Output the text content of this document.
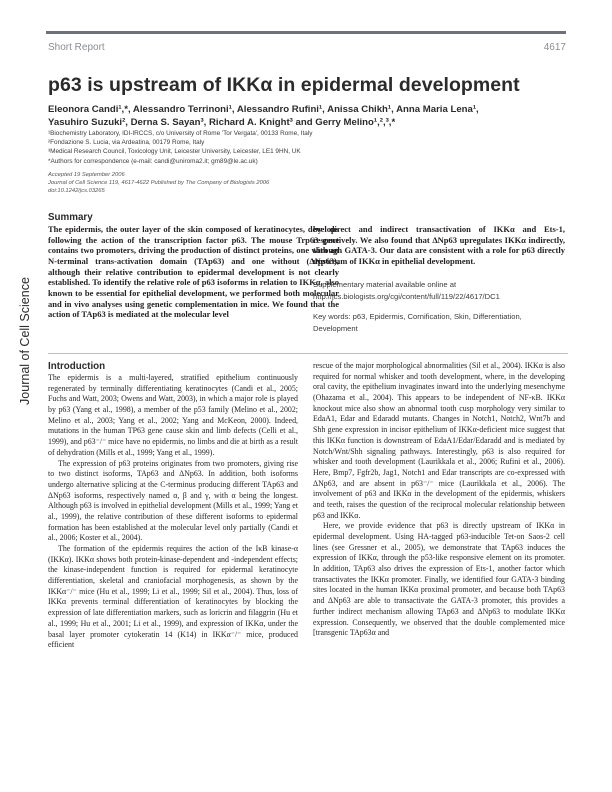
Short Report	4617
p63 is upstream of IKKα in epidermal development
Eleonora Candi¹,*, Alessandro Terrinoni¹, Alessandro Rufini¹, Anissa Chikh¹, Anna Maria Lena¹,
Yasuhiro Suzuki², Derna S. Sayan³, Richard A. Knight³ and Gerry Melino¹,²,³,*
¹Biochemistry Laboratory, IDI-IRCCS, c/o University of Rome 'Tor Vergata', 00133 Rome, Italy
²Fondazione S. Lucia, via Ardeatina, 00179 Rome, Italy
³Medical Research Council, Toxicology Unit, Leicester University, Leicester, LE1 9HN, UK
*Authors for correspondence (e-mail: candi@uniroma2.it; gm89@le.ac.uk)
Accepted 19 September 2006
Journal of Cell Science 119, 4617-4622 Published by The Company of Biologists 2006
doi:10.1242/jcs.03265
Summary
The epidermis, the outer layer of the skin composed of keratinocytes, develops following the action of the transcription factor p63. The mouse Trp63 gene contains two promoters, driving the production of distinct proteins, one with an N-terminal trans-activation domain (TAp63) and one without (ΔNp63), although their relative contribution to epidermal development is not clearly established. To identify the relative role of p63 isoforms in relation to IKKα, also known to be essential for epithelial development, we performed both molecular and in vivo analyses using genetic complementation in mice. We found that the action of TAp63 is mediated at the molecular level
by direct and indirect transactivation of IKKα and Ets-1, respectively. We also found that ΔNp63 upregulates IKKα indirectly, through GATA-3. Our data are consistent with a role for p63 directly upstream of IKKα in epithelial development.
Supplementary material available online at http://jcs.biologists.org/cgi/content/full/119/22/4617/DC1
Key words: p63, Epidermis, Cornification, Skin, Differentiation, Development
Journal of Cell Science Introduction

The epidermis is a multi-layered, stratified epithelium continuously regenerated by terminally differentiating keratinocytes (Candi et al., 2005; Fuchs and Watt, 2003; Owens and Watt, 2003), in which a major role is played by p63 (Yang et al., 1998), a member of the p53 family (Melino et al., 2002; Melino et al., 2003; Yang et al., 2002; Yang and McKeon, 2000). Indeed, mutations in the human TP63 gene cause skin and limb defects (Celli et al., 1999), and p63⁻/⁻ mice have no epidermis, no limbs and die at birth as a result of dehydration (Mills et al., 1999; Yang et al., 1999).

The expression of p63 proteins originates from two promoters, giving rise to two distinct isoforms, TAp63 and ΔNp63. In addition, both isoforms undergo alternative splicing at the C-terminus producing different TAp63 and ΔNp63 isoforms, respectively named α, β and γ, with α being the longest. Although p63 is involved in epithelial development (Mills et al., 1999; Yang et al., 1999), the relative contribution of these different isoforms to epidermal formation has been established at the molecular level only partially (Candi et al., 2006; Koster et al., 2004).

The formation of the epidermis requires the action of the IκB kinase-α (IKKα). IKKα shows both protein-kinase-dependent and -independent effects; the kinase-independent function is required for epidermal keratinocyte differentiation, skeletal and craniofacial morphogenesis, as shown by the IKKα⁻/⁻ mice (Hu et al., 1999; Li et al., 1999; Sil et al., 2004). Thus, loss of IKKα prevents terminal differentiation of keratinocytes by blocking the expression of late differentiation markers, such as loricrin and filaggrin (Hu et al., 1999; Hu et al., 2001; Li et al., 1999), and expression of IKKα, under the basal layer promoter cytokeratin 14 (K14) in IKKα⁻/⁻ mice, produced efficient

rescue of the major morphological abnormalities (Sil et al., 2004). IKKα is also required for normal whisker and tooth development, where, in the developing oral cavity, the epithelium invaginates inward into the underlying mesenchyme (Ohazama et al., 2004). This appears to be independent of NF-κB. IKKα knockout mice also show an abnormal tooth cusp morphology very similar to EdaA1, Edar and Edaradd mutants. Changes in Notch1, Notch2, Wnt7b and Shh gene expression in incisor epithelium of IKKα-deficient mice suggest that this IKKα function is downstream of EdaA1/Edar/Edaradd and is mediated by Notch/Wnt/Shh signaling pathways. Interestingly, p63 is also required for whisker and tooth development (Laurikkala et al., 2006; Rufini et al., 2006). Here, Bmp7, Fgfr2b, Jag1, Notch1 and Edar transcripts are co-expressed with ΔNp63, and are absent in p63⁻/⁻ mice (Laurikkala et al., 2006). The involvement of p63 and IKKα in the development of the epidermis, whiskers and teeth, raises the question of the reciprocal molecular relationship between p63 and IKKα.

Here, we provide evidence that p63 is directly upstream of IKKα in epidermal development. Using HA-tagged p63-inducible Tet-on Saos-2 cell lines (see Gressner et al., 2005), we demonstrate that TAp63 induces the expression of IKKα, through the p53-like responsive element on its promoter. In addition, TAp63 also drives the expression of Ets-1, another factor which transactivates the IKKα promoter. Finally, we identified four GATA-3 binding sites located in the human IKKα proximal promoter, and because both TAp63 and ΔNp63 are able to transactivate the GATA-3 promoter, this provides a further indirect mechanism allowing TAp63 and ΔNp63 to modulate IKKα expression. Consequently, we observed that the double complemented mice [transgenic TAp63α and
